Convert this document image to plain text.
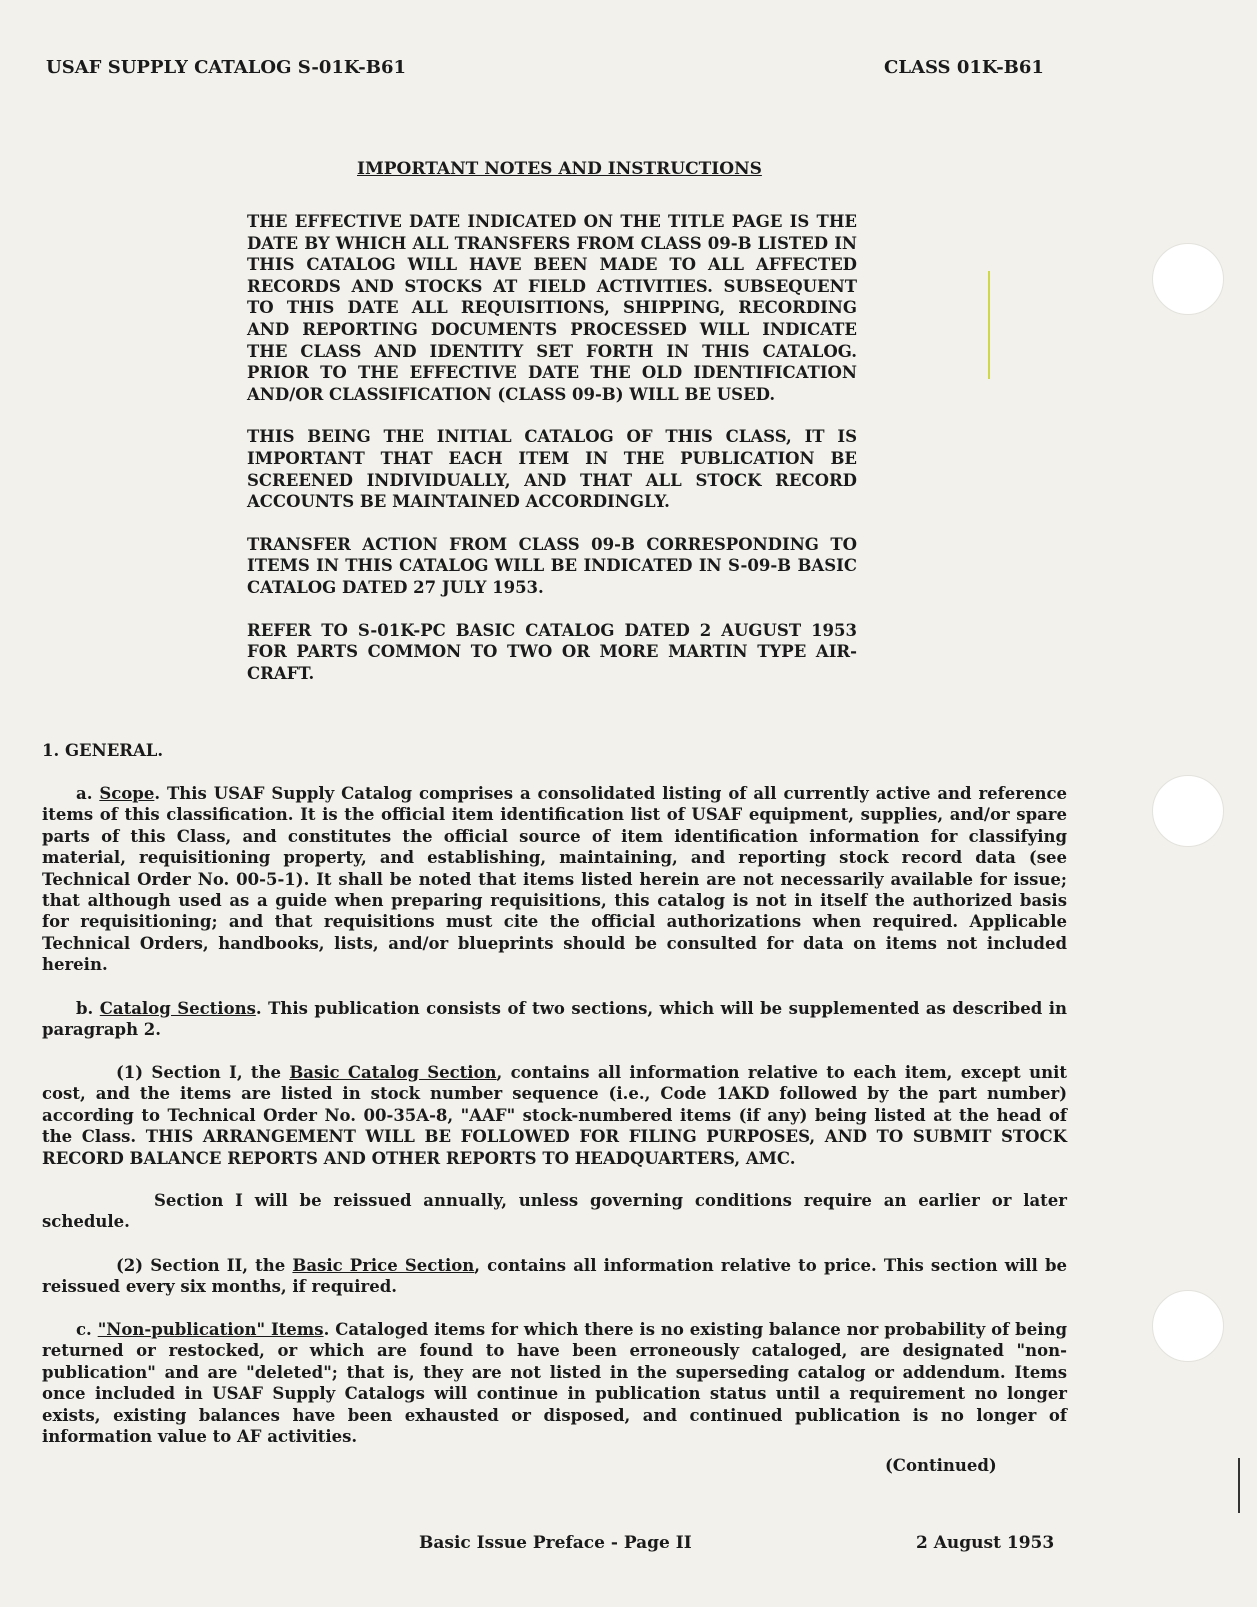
USAF SUPPLY CATALOG S-01K-B61	CLASS 01K-B61
IMPORTANT NOTES AND INSTRUCTIONS

THE EFFECTIVE DATE INDICATED ON THE TITLE PAGE IS THE DATE BY WHICH ALL TRANSFERS FROM CLASS 09-B LISTED IN THIS CATALOG WILL HAVE BEEN MADE TO ALL AFFECTED RECORDS AND STOCKS AT FIELD ACTIVITIES. SUBSEQUENT TO THIS DATE ALL REQUISITIONS, SHIPPING, RECORDING AND REPORTING DOCUMENTS PROCESSED WILL INDICATE THE CLASS AND IDENTITY SET FORTH IN THIS CATALOG. PRIOR TO THE EFFECTIVE DATE THE OLD IDENTIFICATION AND/OR CLASSIFICATION (CLASS 09-B) WILL BE USED.

THIS BEING THE INITIAL CATALOG OF THIS CLASS, IT IS IMPORTANT THAT EACH ITEM IN THE PUBLICATION BE SCREENED INDIVIDUALLY, AND THAT ALL STOCK RECORD ACCOUNTS BE MAINTAINED ACCORDINGLY.

TRANSFER ACTION FROM CLASS 09-B CORRESPONDING TO ITEMS IN THIS CATALOG WILL BE INDICATED IN S-09-B BASIC CATALOG DATED 27 JULY 1953.

REFER TO S-01K-PC BASIC CATALOG DATED 2 AUGUST 1953 FOR PARTS COMMON TO TWO OR MORE MARTIN TYPE AIR-CRAFT.

1. GENERAL.

a. Scope. This USAF Supply Catalog comprises a consolidated listing of all currently active and reference items of this classification. It is the official item identification list of USAF equipment, supplies, and/or spare parts of this Class, and constitutes the official source of item identification information for classifying material, requisitioning property, and establishing, maintaining, and reporting stock record data (see Technical Order No. 00-5-1). It shall be noted that items listed herein are not necessarily available for issue; that although used as a guide when preparing requisitions, this catalog is not in itself the authorized basis for requisitioning; and that requisitions must cite the official authorizations when required. Applicable Technical Orders, handbooks, lists, and/or blueprints should be consulted for data on items not included herein.

b. Catalog Sections. This publication consists of two sections, which will be supplemented as described in paragraph 2.

(1) Section I, the Basic Catalog Section, contains all information relative to each item, except unit cost, and the items are listed in stock number sequence (i.e., Code 1AKD followed by the part number) according to Technical Order No. 00-35A-8, "AAF" stock-numbered items (if any) being listed at the head of the Class. THIS ARRANGEMENT WILL BE FOLLOWED FOR FILING PURPOSES, AND TO SUBMIT STOCK RECORD BALANCE REPORTS AND OTHER REPORTS TO HEADQUARTERS, AMC.

Section I will be reissued annually, unless governing conditions require an earlier or later schedule.

(2) Section II, the Basic Price Section, contains all information relative to price. This section will be reissued every six months, if required.

c. "Non-publication" Items. Cataloged items for which there is no existing balance nor probability of being returned or restocked, or which are found to have been erroneously cataloged, are designated "non-publication" and are "deleted"; that is, they are not listed in the superseding catalog or addendum. Items once included in USAF Supply Catalogs will continue in publication status until a requirement no longer exists, existing balances have been exhausted or disposed, and continued publication is no longer of information value to AF activities.

(Continued)
Basic Issue Preface - Page II	2 August 1953
